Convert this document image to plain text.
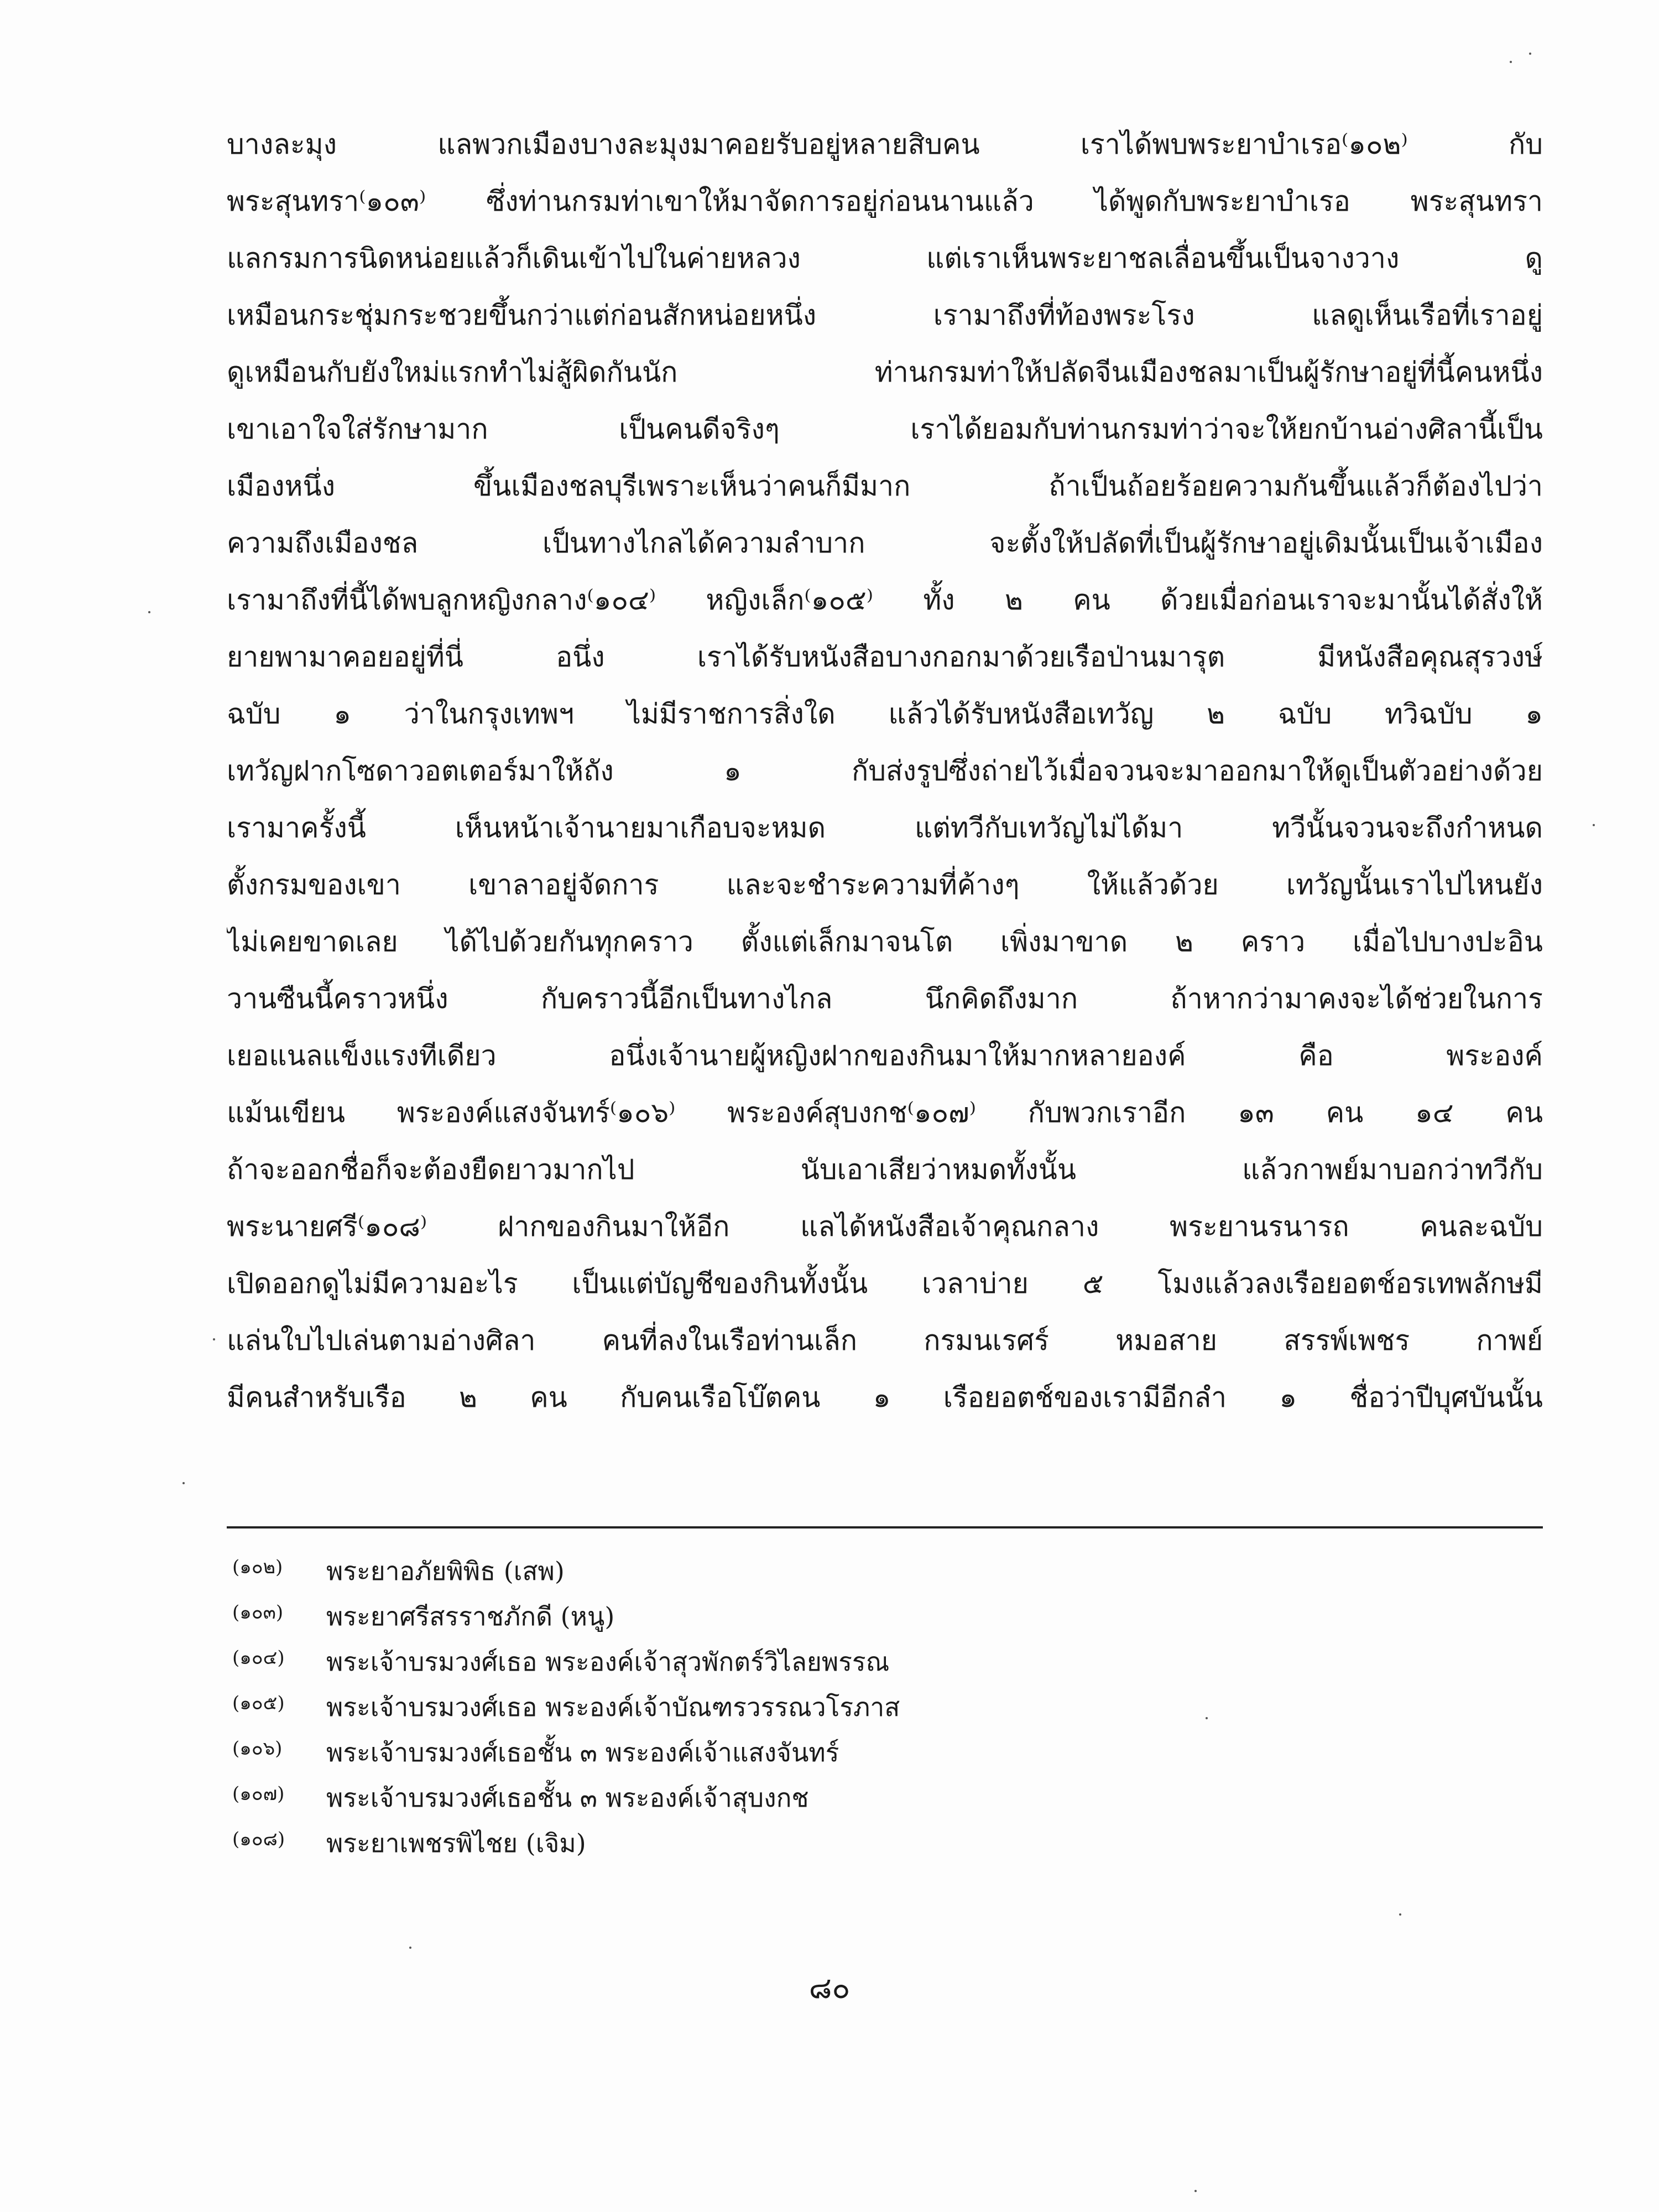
บางละมุง แลพวกเมืองบางละมุงมาคอยรับอยู่หลายสิบคน เราได้พบพระยาบำเรอ⁽๑๐๒⁾ กับ
พระสุนทรา⁽๑๐๓⁾ ซึ่งท่านกรมท่าเขาให้มาจัดการอยู่ก่อนนานแล้ว ได้พูดกับพระยาบำเรอ พระสุนทรา
แลกรมการนิดหน่อยแล้วก็เดินเข้าไปในค่ายหลวง แต่เราเห็นพระยาชลเลื่อนขึ้นเป็นจางวาง ดู
เหมือนกระชุ่มกระชวยขึ้นกว่าแต่ก่อนสักหน่อยหนึ่ง เรามาถึงที่ท้องพระโรง แลดูเห็นเรือที่เราอยู่
ดูเหมือนกับยังใหม่แรกทำไม่สู้ผิดกันนัก ท่านกรมท่าให้ปลัดจีนเมืองชลมาเป็นผู้รักษาอยู่ที่นี้คนหนึ่ง
เขาเอาใจใส่รักษามาก เป็นคนดีจริงๆ เราได้ยอมกับท่านกรมท่าว่าจะให้ยกบ้านอ่างศิลานี้เป็น
เมืองหนึ่ง ขึ้นเมืองชลบุรีเพราะเห็นว่าคนก็มีมาก ถ้าเป็นถ้อยร้อยความกันขึ้นแล้วก็ต้องไปว่า
ความถึงเมืองชล เป็นทางไกลได้ความลำบาก จะตั้งให้ปลัดที่เป็นผู้รักษาอยู่เดิมนั้นเป็นเจ้าเมือง
เรามาถึงที่นี้ได้พบลูกหญิงกลาง⁽๑๐๔⁾ หญิงเล็ก⁽๑๐๕⁾ ทั้ง ๒ คน ด้วยเมื่อก่อนเราจะมานั้นได้สั่งให้
ยายพามาคอยอยู่ที่นี่ อนึ่ง เราได้รับหนังสือบางกอกมาด้วยเรือป่านมารุต มีหนังสือคุณสุรวงษ์
ฉบับ ๑ ว่าในกรุงเทพฯ ไม่มีราชการสิ่งใด แล้วได้รับหนังสือเทวัญ ๒ ฉบับ ทวิฉบับ ๑
เทวัญฝากโซดาวอตเตอร์มาให้ถัง ๑ กับส่งรูปซึ่งถ่ายไว้เมื่อจวนจะมาออกมาให้ดูเป็นตัวอย่างด้วย
เรามาครั้งนี้ เห็นหน้าเจ้านายมาเกือบจะหมด แต่ทวีกับเทวัญไม่ได้มา ทวีนั้นจวนจะถึงกำหนด
ตั้งกรมของเขา เขาลาอยู่จัดการ และจะชำระความที่ค้างๆ ให้แล้วด้วย เทวัญนั้นเราไปไหนยัง
ไม่เคยขาดเลย ได้ไปด้วยกันทุกคราว ตั้งแต่เล็กมาจนโต เพิ่งมาขาด ๒ คราว เมื่อไปบางปะอิน
วานซืนนี้คราวหนึ่ง กับคราวนี้อีกเป็นทางไกล นึกคิดถึงมาก ถ้าหากว่ามาคงจะได้ช่วยในการ
เยอแนลแข็งแรงทีเดียว อนึ่งเจ้านายผู้หญิงฝากของกินมาให้มากหลายองค์ คือ พระองค์
แม้นเขียน พระองค์แสงจันทร์⁽๑๐๖⁾ พระองค์สุบงกช⁽๑๐๗⁾ กับพวกเราอีก ๑๓ คน ๑๔ คน
ถ้าจะออกชื่อก็จะต้องยืดยาวมากไป นับเอาเสียว่าหมดทั้งนั้น แล้วกาพย์มาบอกว่าทวีกับ
พระนายศรี⁽๑๐๘⁾ ฝากของกินมาให้อีก แลได้หนังสือเจ้าคุณกลาง พระยานรนารถ คนละฉบับ
เปิดออกดูไม่มีความอะไร เป็นแต่บัญชีของกินทั้งนั้น เวลาบ่าย ๕ โมงแล้วลงเรือยอตช์อรเทพลักษมี
แล่นใบไปเล่นตามอ่างศิลา คนที่ลงในเรือท่านเล็ก กรมนเรศร์ หมอสาย สรรพ์เพชร กาพย์
มีคนสำหรับเรือ ๒ คน กับคนเรือโบ๊ตคน ๑ เรือยอตช์ของเรามีอีกลำ ๑ ชื่อว่าปีบุศบันนั้น
(๑๐๒)	พระยาอภัยพิพิธ (เสพ)
(๑๐๓)	พระยาศรีสรราชภักดี (หนู)
(๑๐๔)	พระเจ้าบรมวงศ์เธอ พระองค์เจ้าสุวพักตร์วิไลยพรรณ
(๑๐๕)	พระเจ้าบรมวงศ์เธอ พระองค์เจ้าบัณฑรวรรณวโรภาส
(๑๐๖)	พระเจ้าบรมวงศ์เธอชั้น ๓ พระองค์เจ้าแสงจันทร์
(๑๐๗)	พระเจ้าบรมวงศ์เธอชั้น ๓ พระองค์เจ้าสุบงกช
(๑๐๘)	พระยาเพชรพิไชย (เจิม)
๘๐
